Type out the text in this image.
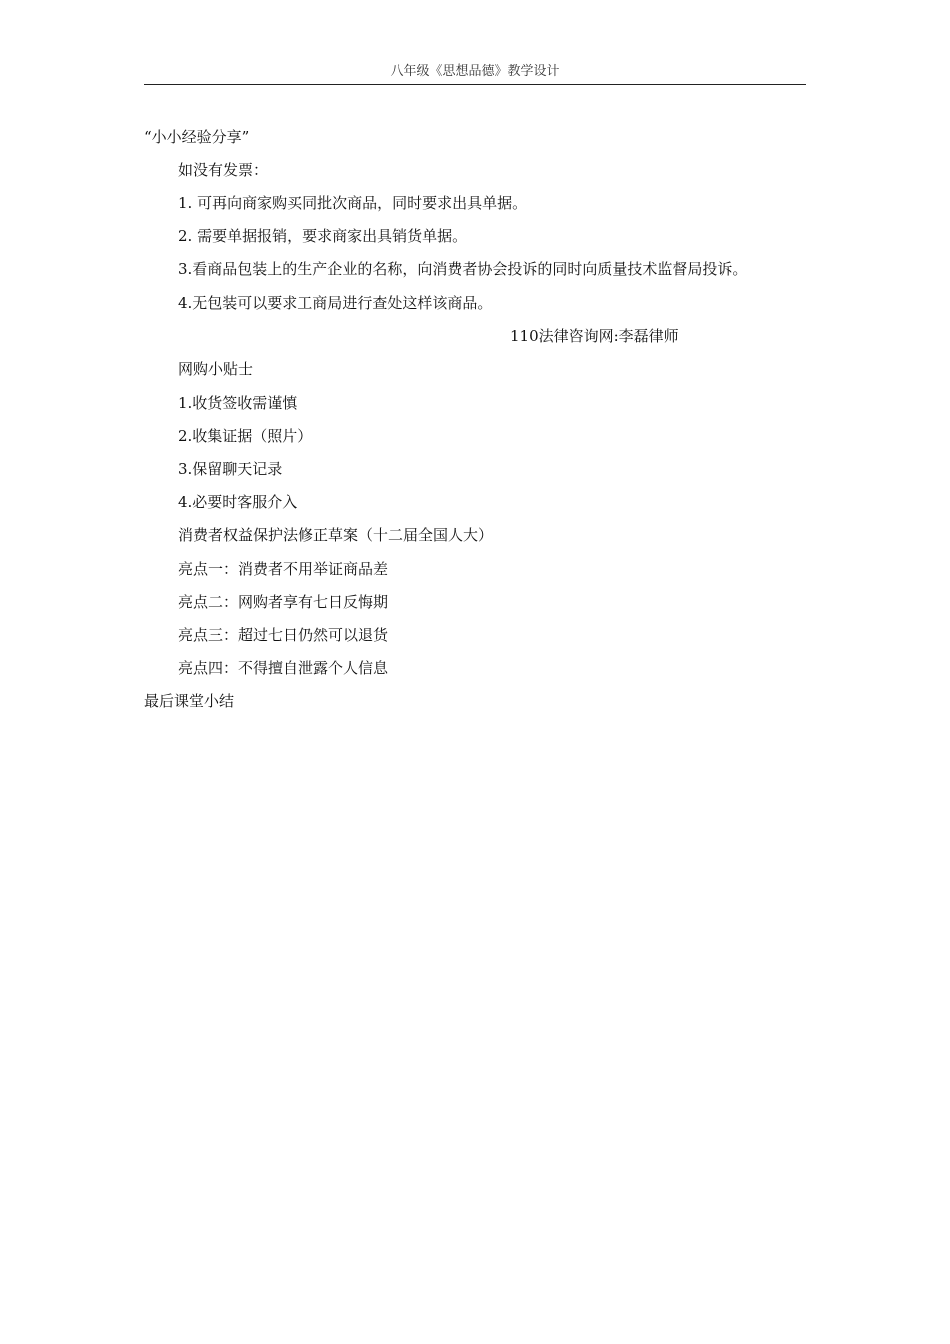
八年级《思想品德》教学设计
“小小经验分享”
如没有发票：
1. 可再向商家购买同批次商品，同时要求出具单据。
2. 需要单据报销，要求商家出具销货单据。
3.看商品包装上的生产企业的名称，向消费者协会投诉的同时向质量技术监督局投诉。
4.无包装可以要求工商局进行查处这样该商品。
110法律咨询网:李磊律师
网购小贴士
1.收货签收需谨慎
2.收集证据（照片）
3.保留聊天记录
4.必要时客服介入
消费者权益保护法修正草案（十二届全国人大）
亮点一：消费者不用举证商品差
亮点二：网购者享有七日反悔期
亮点三：超过七日仍然可以退货
亮点四：不得擅自泄露个人信息
最后课堂小结
